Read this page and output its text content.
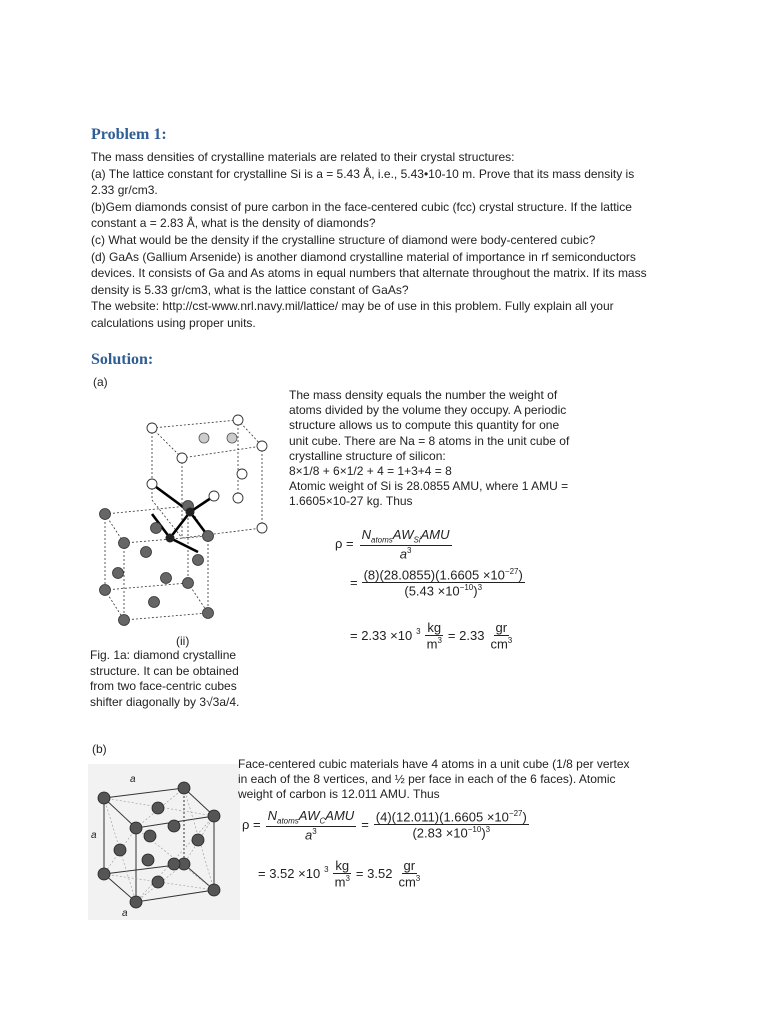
Problem 1:
The mass densities of crystalline materials are related to their crystal structures:
(a) The lattice constant for crystalline Si is a = 5.43 Å, i.e., 5.43•10-10 m. Prove that its mass density is
2.33 gr/cm3.
(b)Gem diamonds consist of pure carbon in the face-centered cubic (fcc) crystal structure. If the lattice
constant a = 2.83 Å, what is the density of diamonds?
(c) What would be the density if the crystalline structure of diamond were body-centered cubic?
(d) GaAs (Gallium Arsenide) is another diamond crystalline material of importance in rf semiconductors
devices. It consists of Ga and As atoms in equal numbers that alternate throughout the matrix. If its mass
density is 5.33 gr/cm3, what is the lattice constant of GaAs?
The website: http://cst-www.nrl.navy.mil/lattice/ may be of use in this problem. Fully explain all your
calculations using proper units.
Solution:
(a)
(ii)
Fig. 1a: diamond crystalline
structure. It can be obtained
from two face-centric cubes
shifter diagonally by 3√3a/4.
The mass density equals the number the weight of
atoms divided by the volume they occupy. A periodic
structure allows us to compute this quantity for one
unit cube. There are Na = 8 atoms in the unit cube of
crystalline structure of silicon:
8×1/8 + 6×1/2 + 4 = 1+3+4 = 8
Atomic weight of Si is 28.0855 AMU, where 1 AMU =
1.6605×10-27 kg. Thus
$\rho = \frac{N_{atoms}AW_{Si}AMU}{a^3}$
= $\frac{(8)(28.0855)(1.6605 \times 10^{-27})}{(5.43 \times 10^{-10})^3}$
= 2.33 ×10 $^3 \frac{kg}{m^3} = 2.33 \frac{gr}{cm^3}$
(b)
a
a
a
Face-centered cubic materials have 4 atoms in a unit cube (1/8 per vertex
in each of the 8 vertices, and ½ per face in each of the 6 faces). Atomic
weight of carbon is 12.011 AMU. Thus
$\rho = \frac{N_{atoms}AW_CAMU}{a^3} = \frac{(4)(12.011)(1.6605 \times 10^{-27})}{(2.83 \times 10^{-10})^3}$
= 3.52 ×10 $^3 \frac{kg}{m^3} = 3.52 \frac{gr}{cm^3}$
